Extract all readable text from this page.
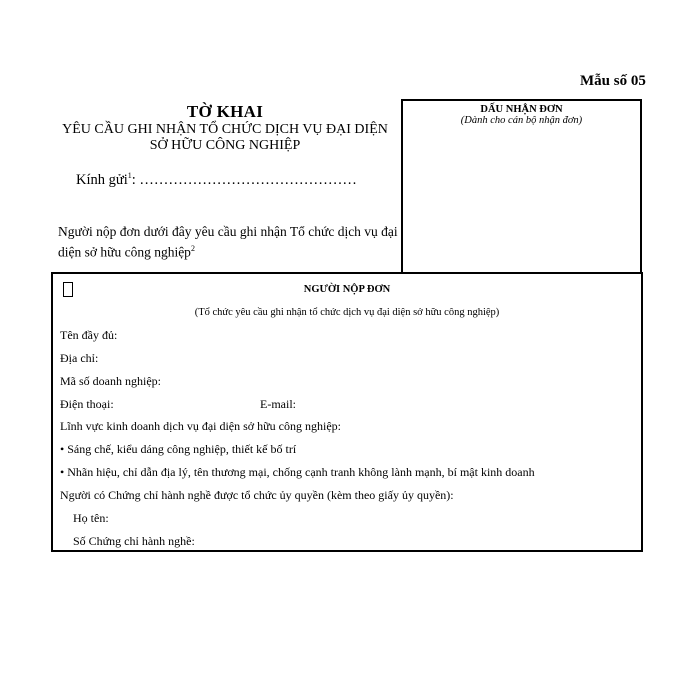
Mẫu số 05
TỜ KHAI
YÊU CẦU GHI NHẬN TỔ CHỨC DỊCH VỤ ĐẠI DIỆN
SỞ HỮU CÔNG NGHIỆP
Kính gửi$^1$: ………………………………………
Người nộp đơn dưới đây yêu cầu ghi nhận Tổ chức dịch vụ đại diện sở hữu công nghiệp$^2$
DẤU NHẬN ĐƠN
(Dành cho cán bộ nhận đơn)
NGƯỜI NỘP ĐƠN
(Tổ chức yêu cầu ghi nhận tổ chức dịch vụ đại diện sở hữu công nghiệp)
Tên đầy đủ:
Địa chỉ:
Mã số doanh nghiệp:
Điện thoại:	E-mail:
Lĩnh vực kinh doanh dịch vụ đại diện sở hữu công nghiệp:
• Sáng chế, kiểu dáng công nghiệp, thiết kế bố trí
• Nhãn hiệu, chỉ dẫn địa lý, tên thương mại, chống cạnh tranh không lành mạnh, bí mật kinh doanh
Người có Chứng chỉ hành nghề được tổ chức ủy quyền (kèm theo giấy ủy quyền):
Họ tên:
Số Chứng chỉ hành nghề:
